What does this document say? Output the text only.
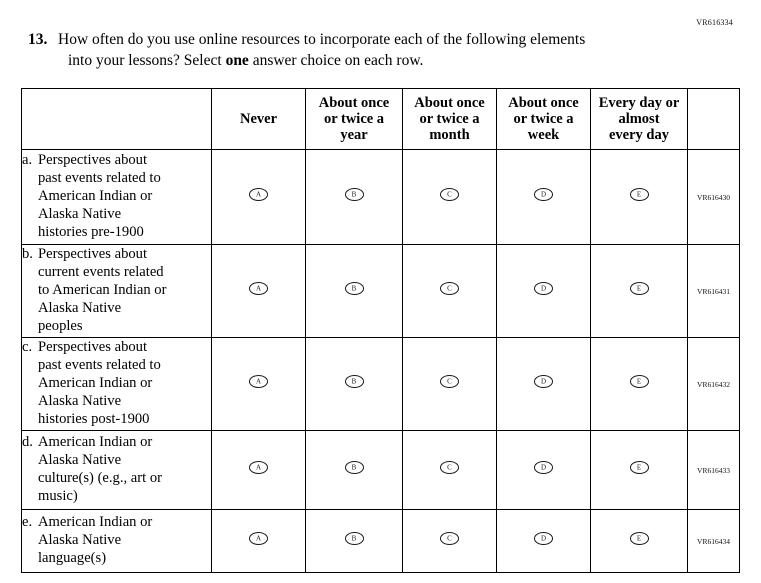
VR616334
13. How often do you use online resources to incorporate each of the following elements
into your lessons? Select one answer choice on each row.

Never

About once
or twice a
year

About once
or twice a
month

About once
or twice a
week

Every day or
almost
every day

a. Perspectives about
past events related to
American Indian or
Alaska Native
histories pre-1900

A	B	C	D	E	VR616430

b. Perspectives about
current events related
to American Indian or
Alaska Native
peoples

A	B	C	D	E	VR616431

c. Perspectives about
past events related to
American Indian or
Alaska Native
histories post-1900

A	B	C	D	E	VR616432

d. American Indian or
Alaska Native
culture(s) (e.g., art or
music)	A	B	C	D	E	VR616433

e. American Indian or
Alaska Native
language(s)	A	B	C	D	E	VR616434
